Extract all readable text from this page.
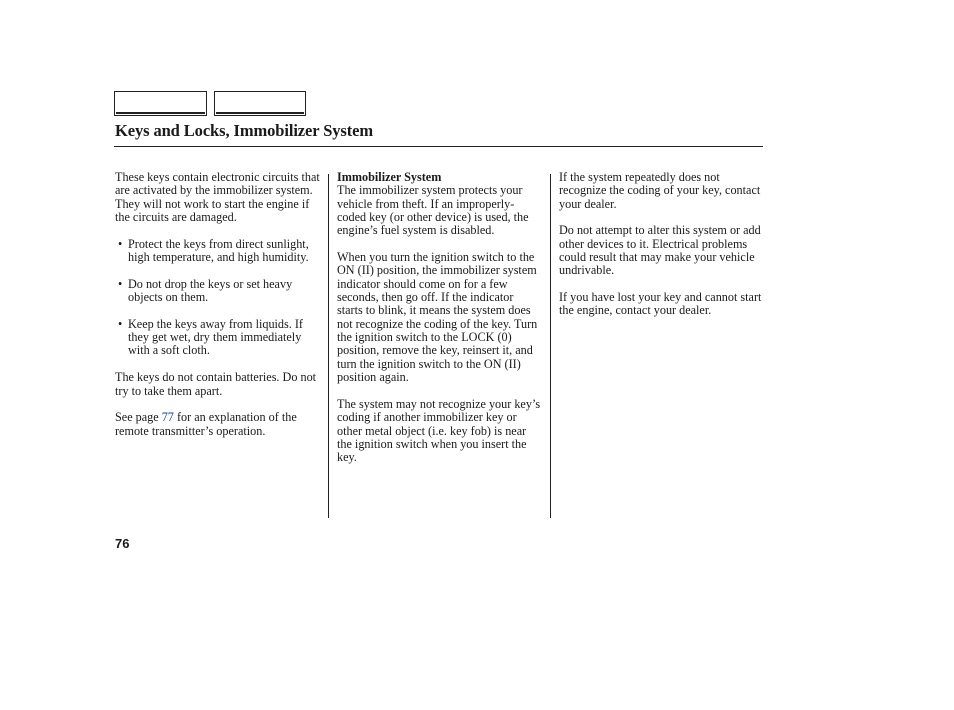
Keys and Locks, Immobilizer System

These keys contain electronic circuits that are activated by the immobilizer system. They will not work to start the engine if the circuits are damaged.

• Protect the keys from direct sunlight, high temperature, and high humidity.
• Do not drop the keys or set heavy objects on them.
• Keep the keys away from liquids. If they get wet, dry them immediately with a soft cloth.

The keys do not contain batteries. Do not try to take them apart.

See page 77 for an explanation of the remote transmitter’s operation.

Immobilizer System

The immobilizer system protects your vehicle from theft. If an improperly-coded key (or other device) is used, the engine’s fuel system is disabled.

When you turn the ignition switch to the ON (II) position, the immobilizer system indicator should come on for a few seconds, then go off. If the indicator starts to blink, it means the system does not recognize the coding of the key. Turn the ignition switch to the LOCK (0) position, remove the key, reinsert it, and turn the ignition switch to the ON (II) position again.

The system may not recognize your key’s coding if another immobilizer key or other metal object (i.e. key fob) is near the ignition switch when you insert the key.

If the system repeatedly does not recognize the coding of your key, contact your dealer.

Do not attempt to alter this system or add other devices to it. Electrical problems could result that may make your vehicle undrivable.

If you have lost your key and cannot start the engine, contact your dealer.

76
